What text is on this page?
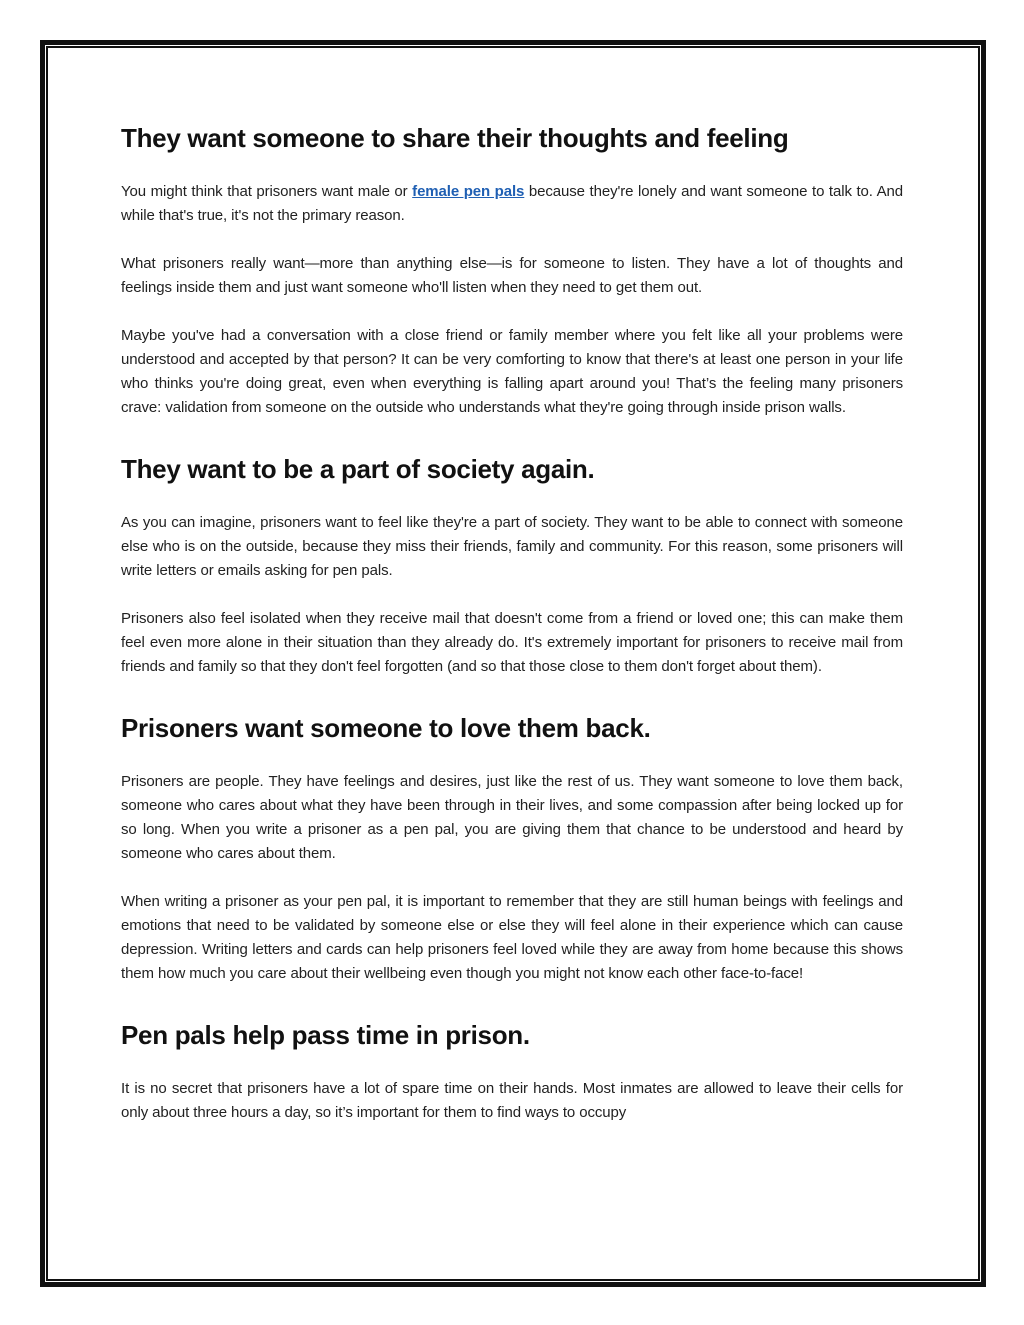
They want someone to share their thoughts and feeling

You might think that prisoners want male or female pen pals because they're lonely and want someone to talk to. And while that's true, it's not the primary reason.

What prisoners really want—more than anything else—is for someone to listen. They have a lot of thoughts and feelings inside them and just want someone who'll listen when they need to get them out.

Maybe you've had a conversation with a close friend or family member where you felt like all your problems were understood and accepted by that person? It can be very comforting to know that there's at least one person in your life who thinks you're doing great, even when everything is falling apart around you! That’s the feeling many prisoners crave: validation from someone on the outside who understands what they're going through inside prison walls.

They want to be a part of society again.

As you can imagine, prisoners want to feel like they're a part of society. They want to be able to connect with someone else who is on the outside, because they miss their friends, family and community. For this reason, some prisoners will write letters or emails asking for pen pals.

Prisoners also feel isolated when they receive mail that doesn't come from a friend or loved one; this can make them feel even more alone in their situation than they already do. It's extremely important for prisoners to receive mail from friends and family so that they don't feel forgotten (and so that those close to them don't forget about them).

Prisoners want someone to love them back.

Prisoners are people. They have feelings and desires, just like the rest of us. They want someone to love them back, someone who cares about what they have been through in their lives, and some compassion after being locked up for so long. When you write a prisoner as a pen pal, you are giving them that chance to be understood and heard by someone who cares about them.

When writing a prisoner as your pen pal, it is important to remember that they are still human beings with feelings and emotions that need to be validated by someone else or else they will feel alone in their experience which can cause depression. Writing letters and cards can help prisoners feel loved while they are away from home because this shows them how much you care about their wellbeing even though you might not know each other face-to-face!

Pen pals help pass time in prison.

It is no secret that prisoners have a lot of spare time on their hands. Most inmates are allowed to leave their cells for only about three hours a day, so it’s important for them to find ways to occupy
